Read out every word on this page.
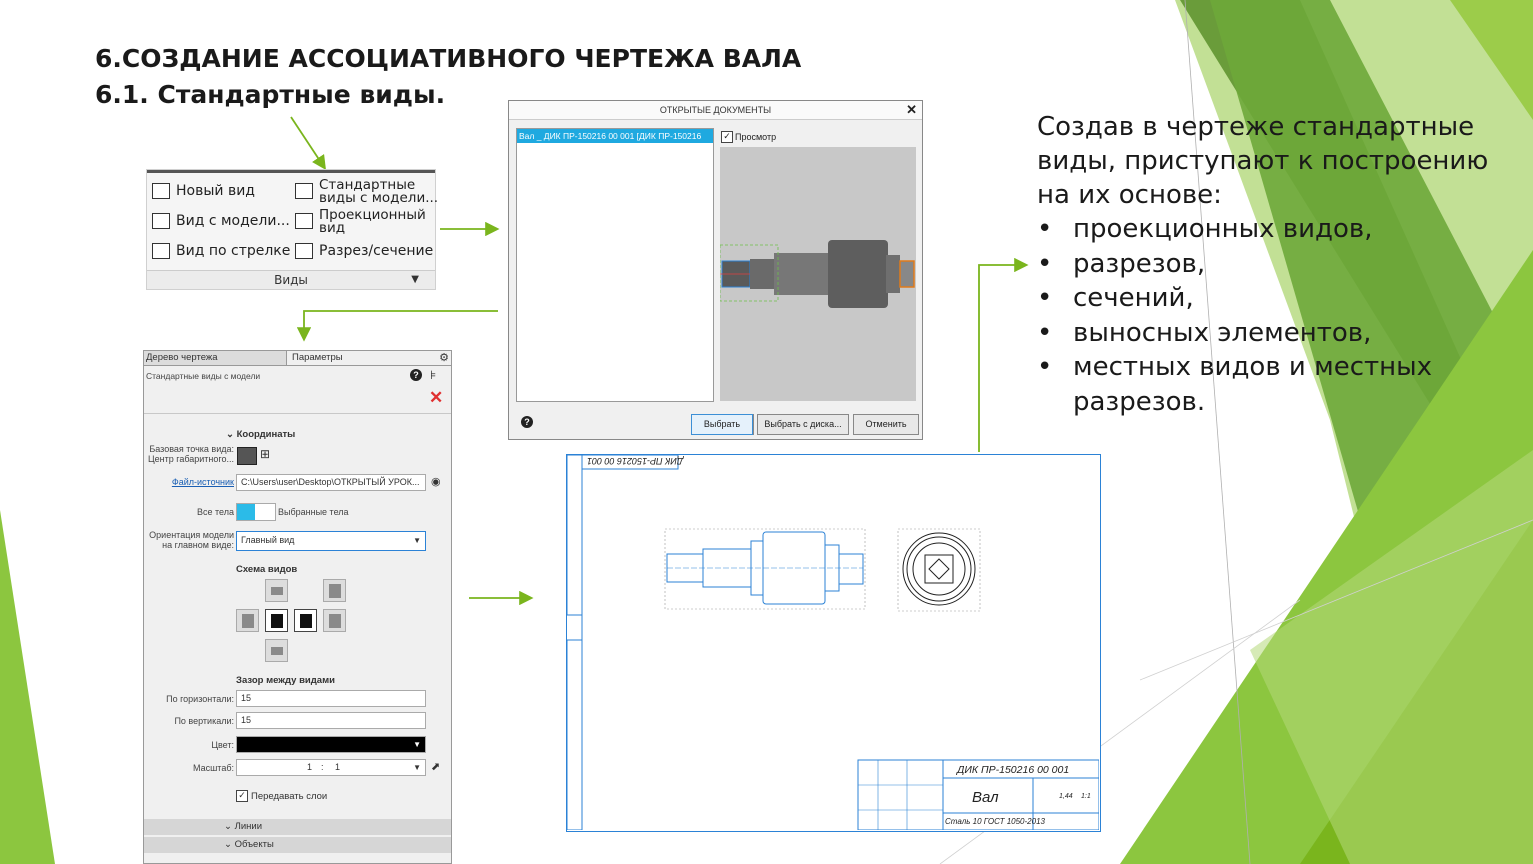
6.СОЗДАНИЕ АССОЦИАТИВНОГО ЧЕРТЕЖА ВАЛА
6.1. Стандартные виды.
Новый вид
Вид с модели...
Вид по стрелке
Стандартные
виды с модели...
Проекционный
вид
Разрез/сечение
Виды	▼
ОТКРЫТЫЕ ДОКУМЕНТЫ	✕
Вал _ ДИК ПР-150216 00 001 [ДИК ПР-150216	✓ Просмотр
?	Выбрать	Выбрать с диска...	Отменить
Дерево чертежа	Параметры	⚙
Стандартные виды с модели	? ⊧
✕
⌄ Координаты
Базовая точка вида:
Центр габаритного... ⊞
Файл-источник C:\Users\user\Desktop\ОТКРЫТЫЙ УРОК...	◉
Все тела	Выбранные тела
Ориентация модели
на главном виде: Главный вид	▼
Схема видов
Зазор между видами
По горизонтали: 15
По вертикали: 15
Цвет:	▼
Масштаб:	1 : 1	▼ ⬈
✓ Передавать слои
⌄ Линии
⌄ Объекты
ДИК ПР-150216 00 001
ДИК ПР-150216 00 001
Вал
Сталь 10 ГОСТ 1050-2013
1,44 1:1
Создав в чертеже стандартные виды, приступают к построению на их основе:
• проекционных видов,
• разрезов,
• сечений,
• выносных элементов,
• местных видов и местных разрезов.
